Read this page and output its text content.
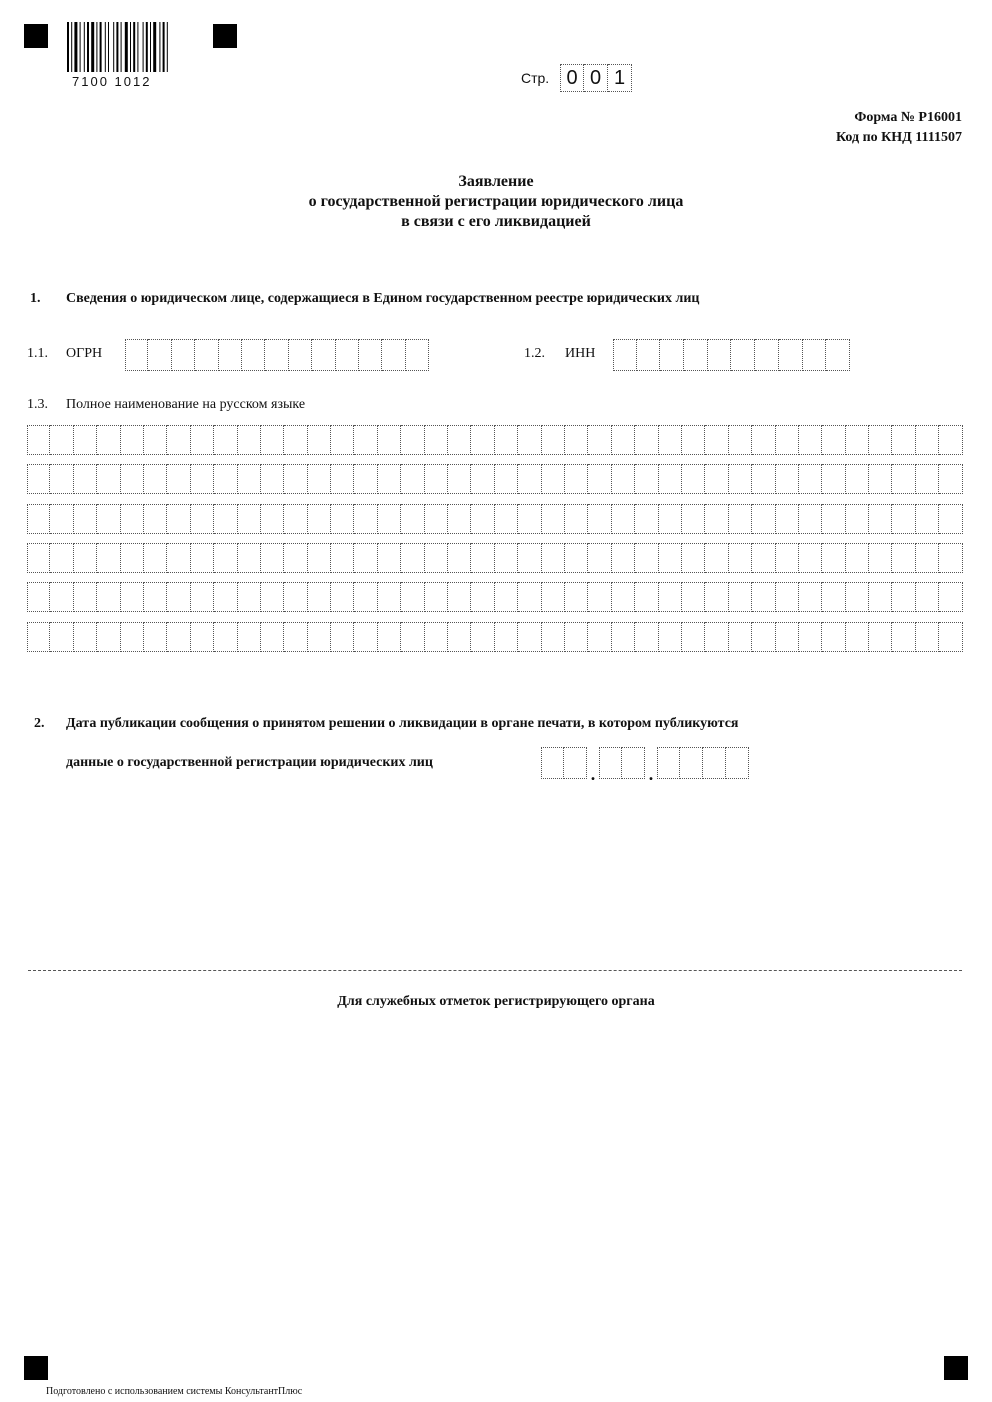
7100 1012	Стр. 0 0 1
Форма № Р16001
Код по КНД 1111507
Заявление
о государственной регистрации юридического лица
в связи с его ликвидацией
1. Сведения о юридическом лице, содержащиеся в Едином государственном реестре юридических лиц
1.1. ОГРН	1.2. ИНН
1.3. Полное наименование на русском языке
2. Дата публикации сообщения о принятом решении о ликвидации в органе печати, в котором публикуются
данные о государственной регистрации юридических лиц
.	.
Для служебных отметок регистрирующего органа
Подготовлено с использованием системы КонсультантПлюс
